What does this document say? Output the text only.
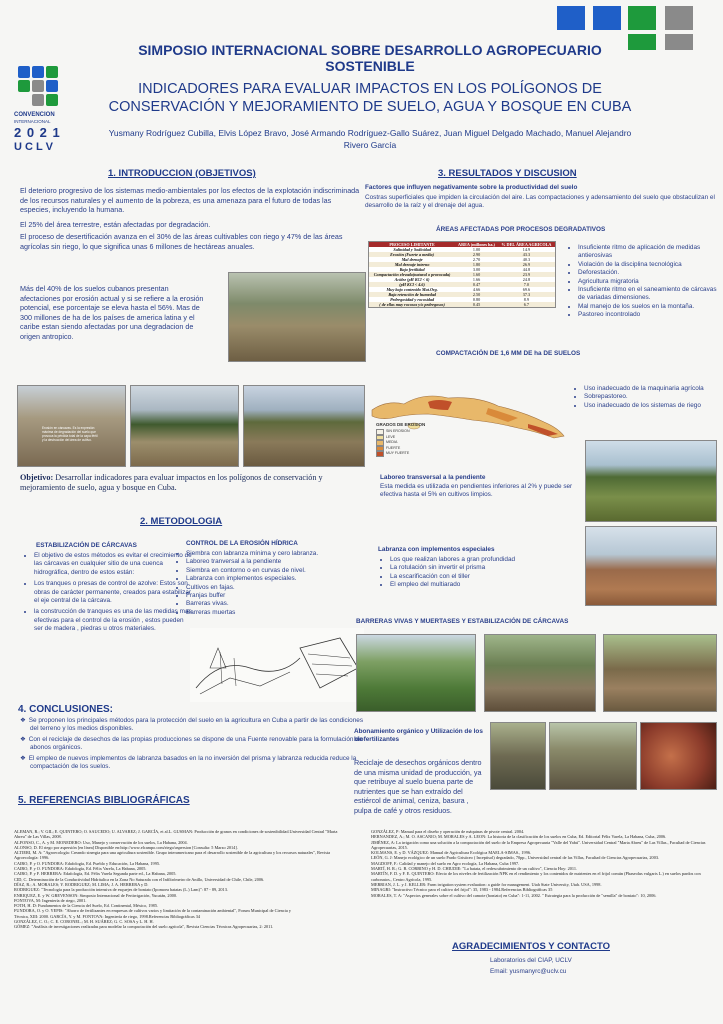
CONVENCION
INTERNACIONAL
2 0 2 1
U C L V
SIMPOSIO INTERNACIONAL SOBRE DESARROLLO AGROPECUARIO SOSTENIBLE
INDICADORES PARA EVALUAR IMPACTOS EN LOS POLÍGONOS DE CONSERVACIÓN Y MEJORAMIENTO DE SUELO, AGUA Y BOSQUE EN CUBA

Yusmany Rodríguez Cubilla, Elvis López Bravo, José Armando Rodríguez-Gallo Suárez, Juan Miguel Delgado Machado, Manuel Alejandro Rivero García

1. INTRODUCCION (OBJETIVOS)

El deterioro progresivo de los sistemas medio-ambientales por los efectos de la explotación indiscriminada de los recursos naturales y el aumento de la pobreza, es una amenaza para el futuro de todas las especies, incluyendo la humana.

El 25% del área terrestre, están afectadas por degradación.

El proceso de desertificación avanza en el 30% de las áreas cultivables con riego y 47% de las áreas agrícolas sin riego, lo que significa unas 6 millones de hectáreas anuales.

Más del 40% de los suelos cubanos presentan afectaciones por erosión actual y si se refiere a la erosión potencial, ese porcentaje se eleva hasta el 56%. Mas de 300 millones de ha de los países de america latina y el caribe estan siendo afectadas por una degradacion de origen antropico.

Erosión en cárcavas. Es la expresión máxima de degradación del suelo que provoca la pérdida total de la capa fértil y la destrucción del área de cultivo.

Objetivo: Desarrollar indicadores para evaluar impactos en los polígonos de conservación y mejoramiento de suelo, agua y bosque en Cuba.

2. METODOLOGIA
ESTABILIZACIÓN DE CÁRCAVAS
• El objetivo de estos métodos es evitar el crecimiento de las cárcavas en cualquier sitio de una cuenca hidrográfica, dentro de estos están:
• Los tranques o presas de control de azolve: Estos son obras de carácter permanente, creados para estabilizar el eje central de la cárcava.
• la construcción de tranques es una de las medidas mas efectivas para el control de la erosión , estos pueden ser de madera , piedras u otros materiales.
CONTROL DE LA EROSIÓN HÍDRICA
• Siembra con labranza mínima y cero labranza.
• Laboreo tranversal a la pendiente
• Siembra en contorno o en curvas de nivel.
• Labranza con implementos especiales.
• Cultivos en fajas.
• Franjas buffer
• Barreras vivas.
• Barreras muertas
4. CONCLUSIONES:
❖ Se proponen los principales métodos para la protección del suelo en la agricultura en Cuba a partir de las condiciones del terreno y los medios disponibles.
❖ Con el reciclaje de desechos de las propias producciones se dispone de una Fuente renovable para la formulación de abonos orgánicos.
❖ El empleo de nuevos implementos de labranza basados en la no inversión del prisma y labranza reducida reduce la compactación de los suelos.
5. REFERENCIAS BIBLIOGRÁFICAS
3. RESULTADOS Y DISCUSION
Factores que influyen negativamente sobre la productividad del suelo

Costras superficiales que impiden la circulación del aire. Las compactaciones y adensamiento del suelo que obstaculizan el desarrollo de la raíz y el drenaje del agua.

ÁREAS AFECTADAS POR PROCESOS DEGRADATIVOS
PROCESO LIMITANTE	AREA (millones ha.)	% DEL ÁREA AGRICOLA
Salinidad y Sodicidad	1.00	14.9
Erosión (Fuerte a media)	2.90	43.3
Mal drenaje	2.70	40.3
Mal drenaje interno	1.80	26.9
Baja fertilidad	3.00	44.8
Compactación elevada(natural o provocada)	1.60	23.9
Acidez (pH KCl < 6)	1.66	24.8
(pH KCl < 4.6)	0.47	7.0
Muy bajo contenido Mat.Org.	4.66	69.6
Baja retención de humedad	2.50	37.3
Pedregosidad y rocosidad	0.80	8.9
( de ellas muy rocosos y/o pedregosos)	0.45	6.7
• Insuficiente ritmo de aplicación de medidas antierosivas
• Violación de la disciplina tecnológica
• Deforestación.
• Agricultura migratoria
• Insuficiente ritmo en el saneamiento de cárcavas de variadas dimensiones.
• Mal manejo de los suelos en la montaña.
• Pastoreo incontrolado
COMPACTACIÓN DE 1,6 MM DE ha DE SUELOS
GRADOS DE EROSION
SIN EROSION
LEVE
MEDIA
FUERTE
MUY FUERTE
• Uso inadecuado de la maquinaria agrícola
• Sobrepastoreo.
• Uso inadecuado de los sistemas de riego
Laboreo transversal a la pendiente

Esta medida es utilizada en pendientes inferiores al 2% y puede ser efectiva hasta el 5% en cultivos limpios.

Labranza con implementos especiales
• Los que realizan labores a gran profundidad
• La rotulación sin invertir el prisma
• La escarificación con el tiller
• El empleo del multiarado
BARRERAS VIVAS Y MUERTASES Y ESTABILIZACIÓN DE CÁRCAVAS
Abonamiento orgánico y Utilización de los biofertilizantes

Reciclaje de desechos orgánicos dentro de una misma unidad de producción, ya que retribuye al suelo buena parte de nutrientes que se han extraído del estiércol de animal, ceniza, basura , pulpa de café y otros residuos.

ALEMAN, R.; V. GIL; E. QUINTERO; O. SAUCEDO; U. ALVAREZ; J. GARCÍA, et al.L. GUSMAN: Producción de granos en condiciones de sostenibilidad.Universidad Central "Marta Abreu" de Las Villas, 2008.
ALFONSO, C., A. y M. MONEDERO: Uso, Manejo y conservación de los suelos, La Habana, 2004.
ALONSO, D. El riego por aspersión [en línea] Disponible en:http://www.elcampo.com/riego/aspersion [Consulta: 5 Marzo 2014].
ALTIERI, M. A: "Agroecología: Creando sinergia para una agricultura sostenible. Grupo interamericano para el desarrollo sostenible de la agricultura y los recursos naturales", Revista Agroecología: 1996.
CAIRO, P. y O. FUNDORA: Edafología, Ed. Pueblo y Educación, La Habana, 1995.
CAIRO, P. y O. FUNDORA: Edafología, Ed. Félix Varela, La Habana, 2005.
CAIRO, P. y F. HERRERA: Edafología, Ed. Félix Varela Segunda parte ed., La Habana, 2005.
CID, C. Determinación de la Conductividad Hidráulica en la Zona No Saturada con el Infiltrómetro de Anillo, Universidad de Chile, Chile, 2006.
DÍAZ, R.; A. MORALES; Y. RODRIGUEZ; M. LIMA; J. A. HERRERA y D.
RODRIGUEZ: "Tecnología para la producción intensiva de esquejes de boniato (Ipomoea batatas (L.) Lam)": 87 - 89, 2013.
ENRIQUEZ, E. y W. GREVENSON: Simposio Internacional de Fertirrigación, Yucatán, 2000.
FONTOVA, M: Ingeniería de riego, 2001.
FOTH, H. D: Fundamentos de la Ciencia del Suelo, Ed. Continental, México, 1985.
FUNDORA, O. y O. YEPIS: "Ahorro de fertilizantes en empresas de cultivos varios y limitación de la contaminación ambiental", Forum Municipal de Ciencia y
Técnica, XIII: 2000. GARCÍA, Y. y M. FONTOVA: Ingeniería de riego, 1998.Referencias Bibliográficas 34
GONZÁLEZ, C. O.; C. E. CORONEL.; M. H. SUÁREZ; G. C. SOSA y L. H. H.
GÓMEZ: "Análisis de investigaciones realizadas para modelar la compactación del suelo agrícola", Revista Ciencias Técnicas Agropecuarias, 2: 2011.
GONZÁLEZ, P: Manual para el diseño y operación de máquinas de pivote central. 2004.
HERNANDEZ, A.; M. O. ASCANIO; M. MORALES y A. LEON: La historia de la clasificación de los suelos en Cuba, Ed. Editorial Félix Varela, La Habana, Cuba, 2006.
JIMÉNEZ, A: La irrigación como una solución a la compactación del suelo de la Empresa Agropecuaria "Valle del Yabú". Universidad Central "Marta Abreu" de Las Villas., Facultad de Ciencias Agropecuarias, 2015.
KOLMANS, E. y D. VÁZQUEZ: Manual de Agricultura Ecológica MAELA-SIMAS., 1996.
LEÓN, G. J: Manejo ecológico de un suelo Pardo Grisáceo ( Inceptisol) degradado, 70pp., Universidad central de las Villas, Facultad de Ciencias Agropecuarias, 2003.
MAGDOFF, F.: Calidad y manejo del suelo en Agro ecología, La Habana, Cuba 1997.
MARTÍ, H. R.; G. B. CORBINO y H. D. CHIUDIE: "La batata, el redescubrimiento de un cultivo", Ciencia Hoy: 2011.
MARTÍN, F. D. y F. E. QUINTERO: Efecto de los niveles de fertilización NPK en el rendimiento y los contenidos de nutrientes en el frijol común (Phaseolus vulgaris L.) en suelos pardos con carbonatos., Centro Agrícola, 1995.
MERRIAN, J. L. y J. KELLER: Farm irrigation system evaluation: a guide for management. Utah State University, Utah. USA, 1998.
MINAGRI: "Instructivo Técnico para el cultivo del frijol": 35, 1983 - 1984.Referencias Bibliográficas 35
MORALES, T. A: "Aspectos generales sobre el cultivo del camote (boniato) en Cuba": 1-11, 2002. " Estrategia para la producción de "semilla" de boniato": 10, 2006.
AGRADECIMIENTOS Y CONTACTO
Laboratorios del CIAP, UCLV
Email: yusmanyrc@uclv.cu
